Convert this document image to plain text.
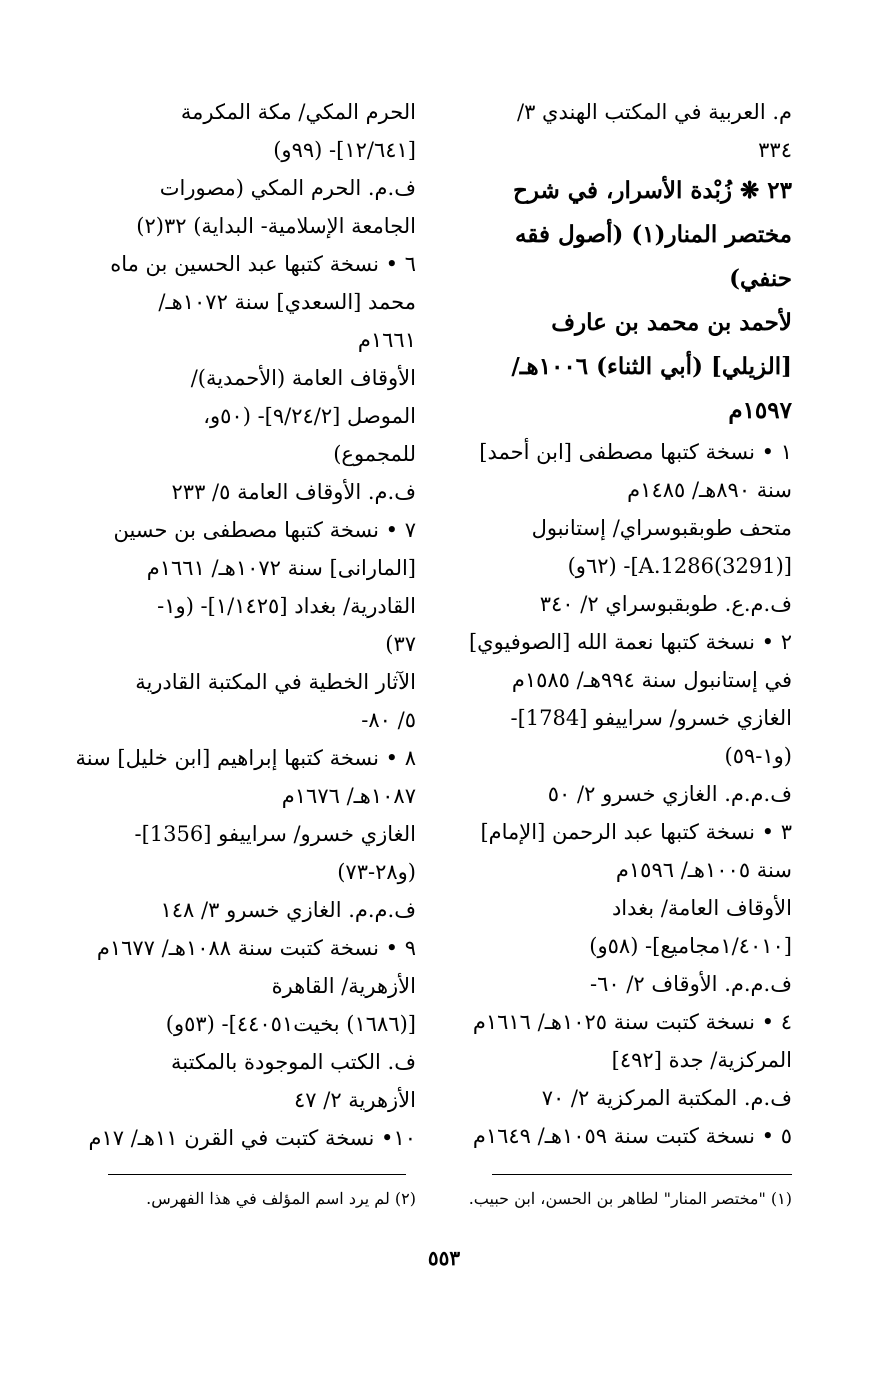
م. العربية في المكتب الهندي ٣/
٣٣٤
٢٣ ❋ زُبْدة الأسرار، في شرح
مختصر المنار(١) (أصول فقه
حنفي)
لأحمد بن محمد بن عارف
[الزيلي] (أبي الثناء) ١٠٠٦هـ/
١٥٩٧م
١ • نسخة كتبها مصطفى [ابن أحمد]
سنة ٨٩٠هـ/ ١٤٨٥م
متحف طوبقبوسراي/ إستانبول
[A.1286(3291)]- (٦٢و)
ف.م.ع. طوبقبوسراي ٢/ ٣٤٠
٢ • نسخة كتبها نعمة الله [الصوفيوي]
في إستانبول سنة ٩٩٤هـ/ ١٥٨٥م
الغازي خسرو/ سراييفو [1784]-
(و١-٥٩)
ف.م.م. الغازي خسرو ٢/ ٥٠
٣ • نسخة كتبها عبد الرحمن [الإمام]
سنة ١٠٠٥هـ/ ١٥٩٦م
الأوقاف العامة/ بغداد
[١/٤٠١٠مجاميع]- (٥٨و)
ف.م.م. الأوقاف ٢/ ٦٠-
٤ • نسخة كتبت سنة ١٠٢٥هـ/ ١٦١٦م
المركزية/ جدة [٤٩٢]
ف.م. المكتبة المركزية ٢/ ٧٠
٥ • نسخة كتبت سنة ١٠٥٩هـ/ ١٦٤٩م
الحرم المكي/ مكة المكرمة
[١٢/٦٤١]- (٩٩و)
ف.م. الحرم المكي (مصورات
الجامعة الإسلامية- البداية) ٣٢(٢)
٦ • نسخة كتبها عبد الحسين بن ماه
محمد [السعدي] سنة ١٠٧٢هـ/
١٦٦١م
الأوقاف العامة (الأحمدية)/
الموصل [٩/٢٤/٢]- (٥٠و،
للمجموع)
ف.م. الأوقاف العامة ٥/ ٢٣٣
٧ • نسخة كتبها مصطفى بن حسين
[المارانى] سنة ١٠٧٢هـ/ ١٦٦١م
القادرية/ بغداد [١/١٤٢٥]- (و١-
٣٧)
الآثار الخطية في المكتبة القادرية
٥/ ٨٠-
٨ • نسخة كتبها إبراهيم [ابن خليل] سنة
١٠٨٧هـ/ ١٦٧٦م
الغازي خسرو/ سراييفو [1356]-
(و٢٨-٧٣)
ف.م.م. الغازي خسرو ٣/ ١٤٨
٩ • نسخة كتبت سنة ١٠٨٨هـ/ ١٦٧٧م
الأزهرية/ القاهرة
[(١٦٨٦) بخيت٤٤٠٥١]- (٥٣و)
ف. الكتب الموجودة بالمكتبة
الأزهرية ٢/ ٤٧
١٠• نسخة كتبت في القرن ١١هـ/ ١٧م
(١) "مختصر المنار" لطاهر بن الحسن، ابن حبيب.
(٢) لم يرد اسم المؤلف في هذا الفهرس.
٥٥٣
